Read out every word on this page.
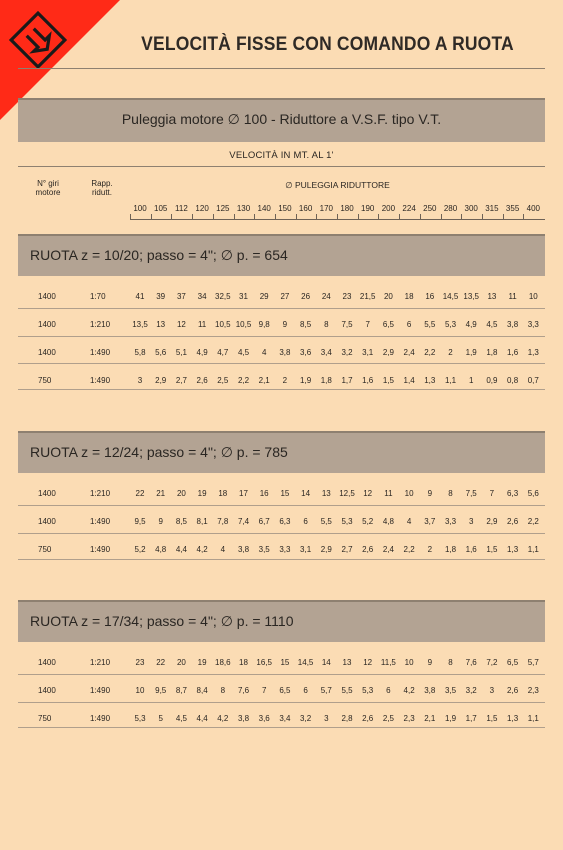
VELOCITÀ FISSE CON COMANDO A RUOTA
Puleggia motore ∅ 100 - Riduttore a V.S.F. tipo V.T.
VELOCITÀ IN MT. AL 1'
N° giri motore
Rapp. ridutt.
∅ PULEGGIA RIDUTTORE
100 105 112 120 125 130 140 150 160 170 180 190 200 224 250 280 300 315 355 400
RUOTA z = 10/20; passo = 4"; ∅ p. = 654
1400	1:70	41 39 37 34 32,5 31 29 27 26 24 23 21,5 20 18 16 14,5 13,5 13 11 10
1400	1:210	13,5 13 12 11 10,5 10,5 9,8 9 8,5 8 7,5 7 6,5 6 5,5 5,3 4,9 4,5 3,8 3,3
1400	1:490	5,8 5,6 5,1 4,9 4,7 4,5 4 3,8 3,6 3,4 3,2 3,1 2,9 2,4 2,2 2 1,9 1,8 1,6 1,3
750	1:490	3 2,9 2,7 2,6 2,5 2,2 2,1 2 1,9 1,8 1,7 1,6 1,5 1,4 1,3 1,1 1 0,9 0,8 0,7
RUOTA z = 12/24; passo = 4"; ∅ p. = 785
1400	1:210	22 21 20 19 18 17 16 15 14 13 12,5 12 11 10 9 8 7,5 7 6,3 5,6
1400	1:490	9,5 9 8,5 8,1 7,8 7,4 6,7 6,3 6 5,5 5,3 5,2 4,8 4 3,7 3,3 3 2,9 2,6 2,2
750	1:490	5,2 4,8 4,4 4,2 4 3,8 3,5 3,3 3,1 2,9 2,7 2,6 2,4 2,2 2 1,8 1,6 1,5 1,3 1,1
RUOTA z = 17/34; passo = 4"; ∅ p. = 1110
1400	1:210	23 22 20 19 18,6 18 16,5 15 14,5 14 13 12 11,5 10 9 8 7,6 7,2 6,5 5,7
1400	1:490	10 9,5 8,7 8,4 8 7,6 7 6,5 6 5,7 5,5 5,3 6 4,2 3,8 3,5 3,2 3 2,6 2,3
750	1:490	5,3 5 4,5 4,4 4,2 3,8 3,6 3,4 3,2 3 2,8 2,6 2,5 2,3 2,1 1,9 1,7 1,5 1,3 1,1
